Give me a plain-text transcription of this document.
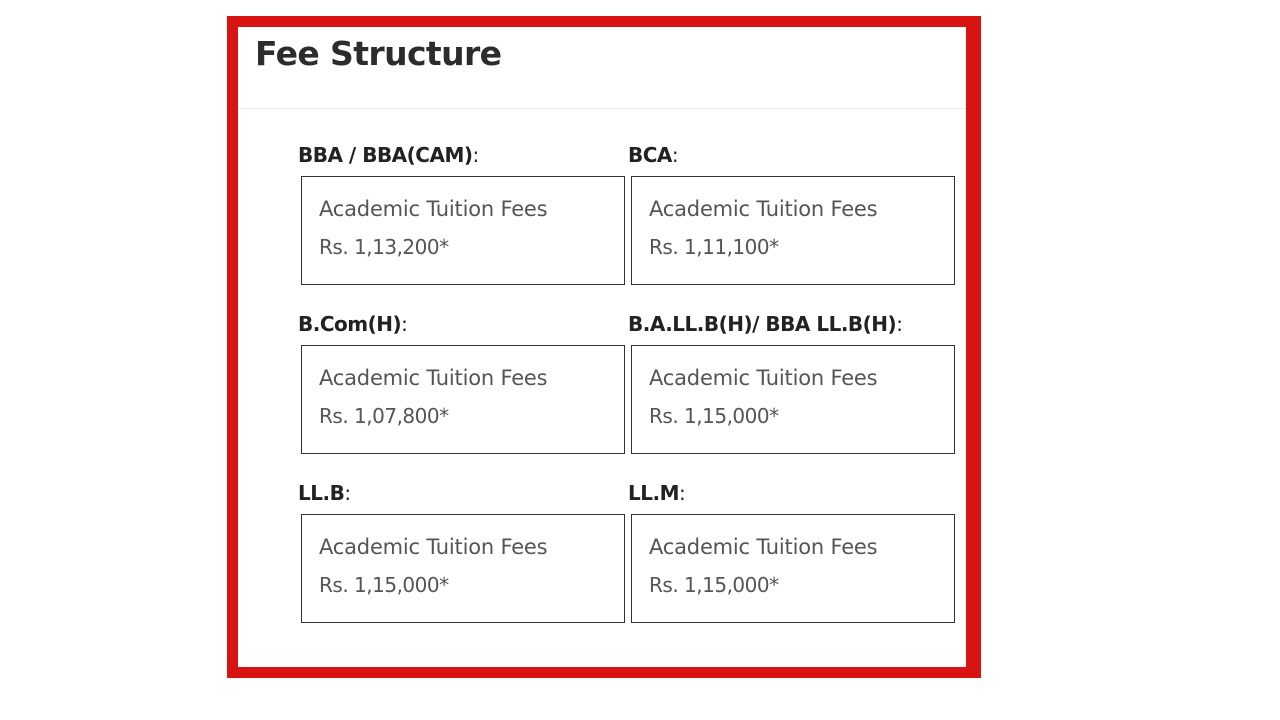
Fee Structure
BBA / BBA(CAM):
Academic Tuition Fees
Rs. 1,13,200*
BCA:
Academic Tuition Fees
Rs. 1,11,100*
B.Com(H):
Academic Tuition Fees
Rs. 1,07,800*
B.A.LL.B(H)/ BBA LL.B(H):
Academic Tuition Fees
Rs. 1,15,000*
LL.B:
Academic Tuition Fees
Rs. 1,15,000*
LL.M:
Academic Tuition Fees
Rs. 1,15,000*
